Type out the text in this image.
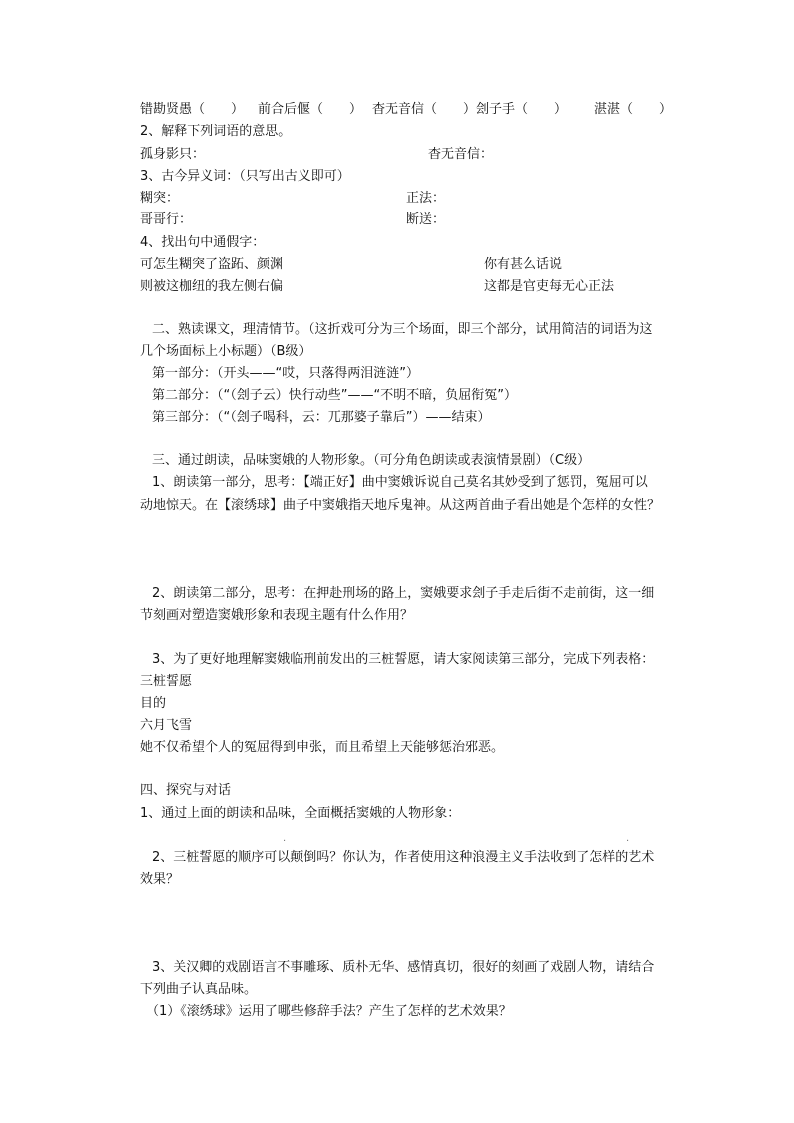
错勘贤愚（　　） 前合后偃（　　） 杳无音信（　　） 刽子手（　　） 湛湛（　　）
2、解释下列词语的意思。
孤身影只：	杳无音信：
3、古今异义词：（只写出古义即可）
糊突：	正法：
哥哥行：	断送：
4、找出句中通假字：
可怎生糊突了盗跖、颜渊	你有甚么话说
则被这枷纽的我左侧右偏	这都是官吏每无心正法
二、熟读课文，理清情节。（这折戏可分为三个场面，即三个部分，试用简洁的词语为这
几个场面标上小标题）（B级）
第一部分：（开头——“哎，只落得两泪涟涟”）
第二部分：（“（刽子云）快行动些”——“不明不暗，负屈衔冤”）
第三部分：（“（刽子喝科，云：兀那婆子靠后”）——结束）
三、通过朗读，品味窦娥的人物形象。（可分角色朗读或表演情景剧）（C级）
1、朗读第一部分，思考：【端正好】曲中窦娥诉说自己莫名其妙受到了惩罚，冤屈可以
动地惊天。在【滚绣球】曲子中窦娥指天地斥鬼神。从这两首曲子看出她是个怎样的女性？
2、朗读第二部分，思考：在押赴刑场的路上，窦娥要求刽子手走后街不走前街，这一细
节刻画对塑造窦娥形象和表现主题有什么作用？
3、为了更好地理解窦娥临刑前发出的三桩誓愿，请大家阅读第三部分，完成下列表格：
三桩誓愿
目的
六月飞雪
她不仅希望个人的冤屈得到申张，而且希望上天能够惩治邪恶。
四、探究与对话
1、通过上面的朗读和品味，全面概括窦娥的人物形象：
·	·
2、三桩誓愿的顺序可以颠倒吗？你认为，作者使用这种浪漫主义手法收到了怎样的艺术
效果？
3、关汉卿的戏剧语言不事雕琢、质朴无华、感情真切，很好的刻画了戏剧人物，请结合
下列曲子认真品味。
（1）《滚绣球》运用了哪些修辞手法？产生了怎样的艺术效果？
